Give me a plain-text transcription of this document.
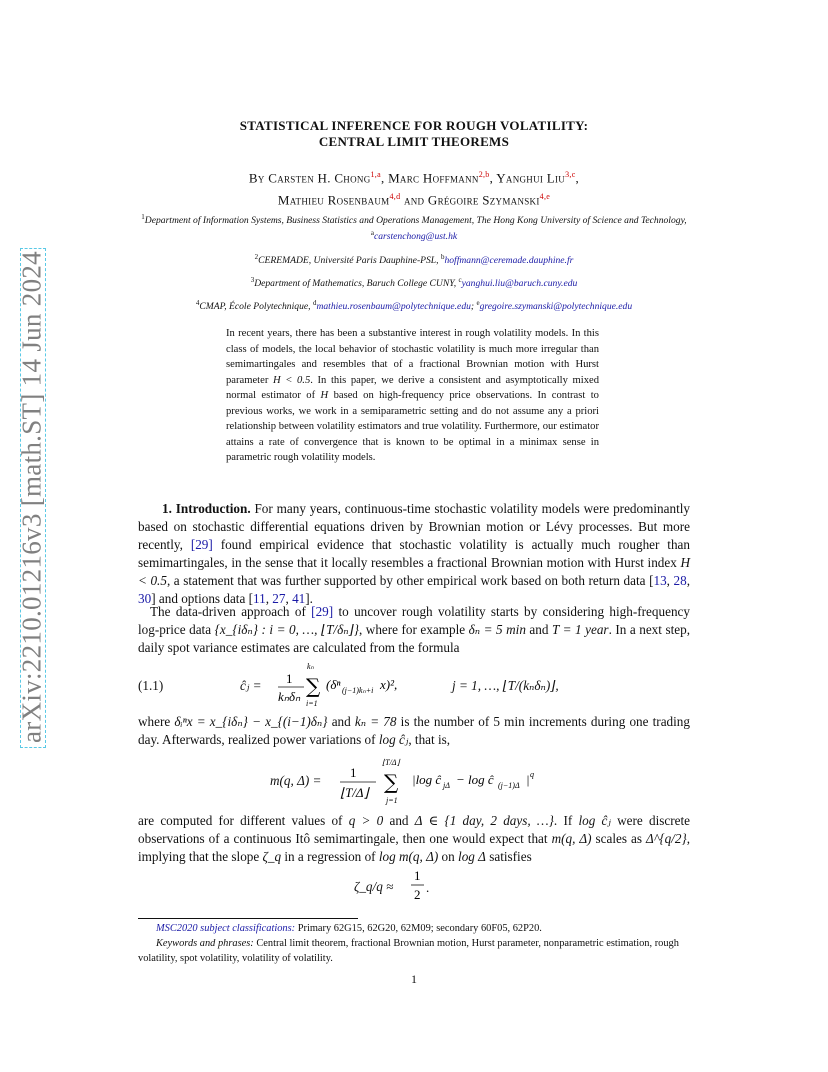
arXiv:2210.01216v3 [math.ST] 14 Jun 2024
STATISTICAL INFERENCE FOR ROUGH VOLATILITY:
CENTRAL LIMIT THEOREMS
By Carsten H. Chong$^{1,a}$, Marc Hoffmann$^{2,b}$, Yanghui Liu$^{3,c}$,
Mathieu Rosenbaum$^{4,d}$ and Grégoire Szymanski$^{4,e}$
$^1$Department of Information Systems, Business Statistics and Operations Management, The Hong Kong University of Science and Technology, $^a$carstenchong@ust.hk
$^2$CEREMADE, Université Paris Dauphine-PSL, $^b$hoffmann@ceremade.dauphine.fr
$^3$Department of Mathematics, Baruch College CUNY, $^c$yanghui.liu@baruch.cuny.edu
$^4$CMAP, École Polytechnique, $^d$mathieu.rosenbaum@polytechnique.edu; $^e$gregoire.szymanski@polytechnique.edu
In recent years, there has been a substantive interest in rough volatility models. In this class of models, the local behavior of stochastic volatility is much more irregular than semimartingales and resembles that of a fractional Brownian motion with Hurst parameter H < 0.5. In this paper, we derive a consistent and asymptotically mixed normal estimator of H based on high-frequency price observations. In contrast to previous works, we work in a semiparametric setting and do not assume any a priori relationship between volatility estimators and true volatility. Furthermore, our estimator attains a rate of convergence that is known to be optimal in a minimax sense in parametric rough volatility models.
1. Introduction. For many years, continuous-time stochastic volatility models were predominantly based on stochastic differential equations driven by Brownian motion or Lévy processes. But more recently, [29] found empirical evidence that stochastic volatility is actually much rougher than semimartingales, in the sense that it locally resembles a fractional Brownian motion with Hurst index H < 0.5, a statement that was further supported by other empirical work based on both return data [13, 28, 30] and options data [11, 27, 41].
The data-driven approach of [29] to uncover rough volatility starts by considering high-frequency log-price data {x_{iδₙ} : i = 0, …, ⌊T/δₙ⌋}, where for example δₙ = 5 min and T = 1 year. In a next step, daily spot variance estimates are calculated from the formula
(1.1)	ĉⱼ = 1
kₙδₙ
kₙ
∑
i=1
(δⁿ (j−1)kₙ+i x)²,	j = 1, …, ⌊T/(kₙδₙ)⌋,
where δᵢⁿx = x_{iδₙ} − x_{(i−1)δₙ} and kₙ = 78 is the number of 5 min increments during one trading day. Afterwards, realized power variations of log ĉⱼ, that is,
m(q, Δ) =
1
⌊T/Δ⌋
⌊T/Δ⌋
∑
j=1
|log ĉ jΔ − log ĉ (j−1)Δ | q
are computed for different values of q > 0 and Δ ∈ {1 day, 2 days, …}. If log ĉⱼ were discrete observations of a continuous Itô semimartingale, then one would expect that m(q, Δ) scales as Δ^{q/2}, implying that the slope ζ_q in a regression of log m(q, Δ) on log Δ satisfies
ζ_q/q ≈
1
2 .
MSC2020 subject classifications: Primary 62G15, 62G20, 62M09; secondary 60F05, 62P20.
Keywords and phrases: Central limit theorem, fractional Brownian motion, Hurst parameter, nonparametric estimation, rough volatility, spot volatility, volatility of volatility.
1
